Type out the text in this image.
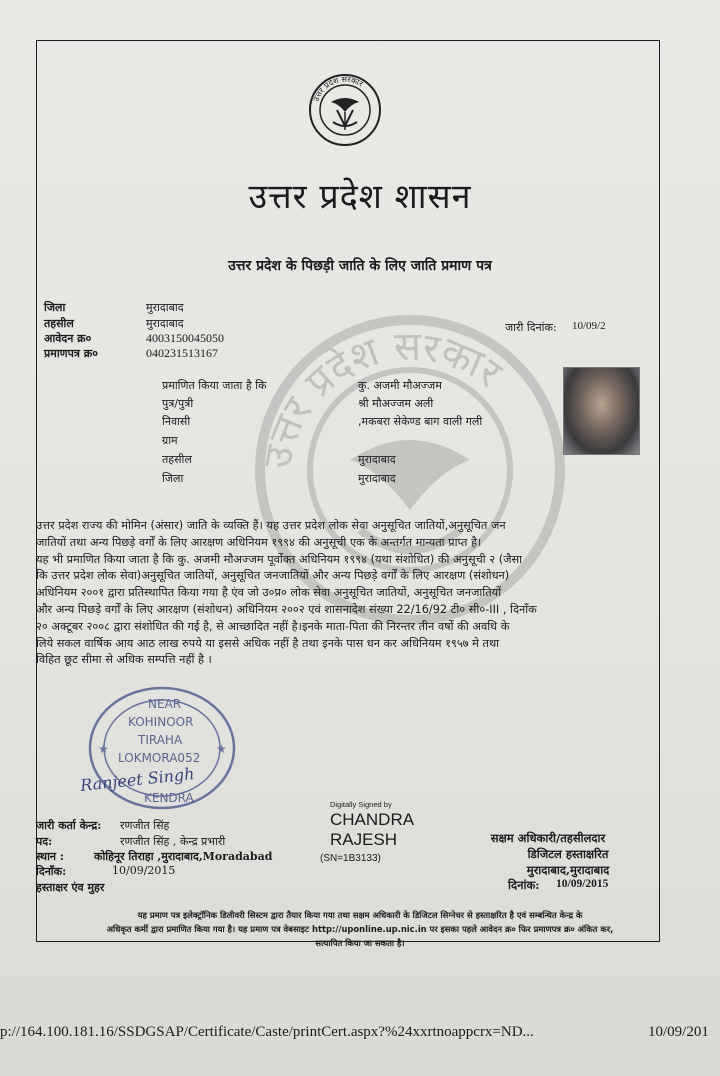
उत्तर प्रदेश सरकार
उत्तर प्रदेश सरकार
उत्तर प्रदेश शासन
उत्तर प्रदेश के पिछड़ी जाति के लिए जाति प्रमाण पत्र
जिला	मुरादाबाद
तहसील	मुरादाबाद
आवेदन क्र०	4003150045050
प्रमाणपत्र क्र०	040231513167
जारी दिनांक: 10/09/2
प्रमाणित किया जाता है कि	कु. अजमी मौअज्जम
पुत्र/पुत्री	श्री मौअज्जम अली
निवासी	,मकबरा सेकेण्ड बाग वाली गली
ग्राम
तहसील	मुरादाबाद
जिला	मुरादाबाद
उत्तर प्रदेश राज्य की मोमिन (अंसार) जाति के व्यक्ति हैं। यह उत्तर प्रदेश लोक सेवा अनुसूचित जातियों,अनुसूचित जन
जातियों तथा अन्य पिछड़े वर्गों के लिए आरक्षण अधिनियम १९९४ की अनुसूची एक के अन्तर्गत मान्यता प्राप्त है।
यह भी प्रमाणित किया जाता है कि कु. अजमी मौअज्जम पूर्वोक्त अधिनियम १९९४ (यथा संशोधित) की अनुसूची २ (जैसा
कि उत्तर प्रदेश लोक सेवा)अनुसूचित जातियों, अनुसूचित जनजातियों और अन्य पिछड़े वर्गों के लिए आरक्षण (संशोधन)
अधिनियम २००१ द्वारा प्रतिस्थापित किया गया है एंव जो उ०प्र० लोक सेवा अनुसूचित जातियों, अनुसूचित जनजातियों
और अन्य पिछड़े वर्गों के लिए आरक्षण (संशोधन) अधिनियम २००२ एवं शासनादेश संख्या 22/16/92 टी० सी०-III , दिनाँक
२० अक्टूबर २००८ द्वारा संशोधित की गई है, से आच्छादित नहीं है।इनके माता-पिता की निरन्तर तीन वर्षो की अवधि के
लिये सकल वार्षिक आय आठ लाख रुपये या इससे अधिक नहीं है तथा इनके पास धन कर अधिनियम १९५७ मे तथा
विहित छूट सीमा से अधिक सम्पत्ति नहीं है ।
★	★
NEAR
KOHINOOR
TIRAHA
LOKMORA052
KENDRA
Ranjeet Singh
Digitally Signed by
CHANDRA
RAJESH
(SN=1B3133)
जारी कर्ता केन्द्र: रणजीत सिंह
पद:	रणजीत सिंह , केन्द्र प्रभारी
स्थान :	कोहिनूर तिराहा ,मुरादाबाद,Moradabad
दिनाँक:	10/09/2015
हस्ताक्षर एंव मुहर
सक्षम अधिकारी/तहसीलदार
डिजिटल हस्ताक्षरित
मुरादाबाद,मुरादाबाद
दिनांक: 10/09/2015
यह प्रमाण पत्र इलेक्ट्रॉनिक डिलीवरी सिस्टम द्वारा तैयार किया गया तथा सक्षम अधिकारी के डिजिटल सिग्नेचर से हस्ताक्षरित है एवं सम्बन्धित केन्द्र के
अधिकृत कर्मी द्वारा प्रमाणित किया गया है। यह प्रमाण पत्र वेबसाइट http://uponline.up.nic.in पर इसका पहले आवेदन क्र० फिर प्रमाणपत्र क्र० अंकित कर,
सत्यापित किया जा सकता है।
p://164.100.181.16/SSDGSAP/Certificate/Caste/printCert.aspx?%24xxrtnoappcrx=ND...	10/09/201
